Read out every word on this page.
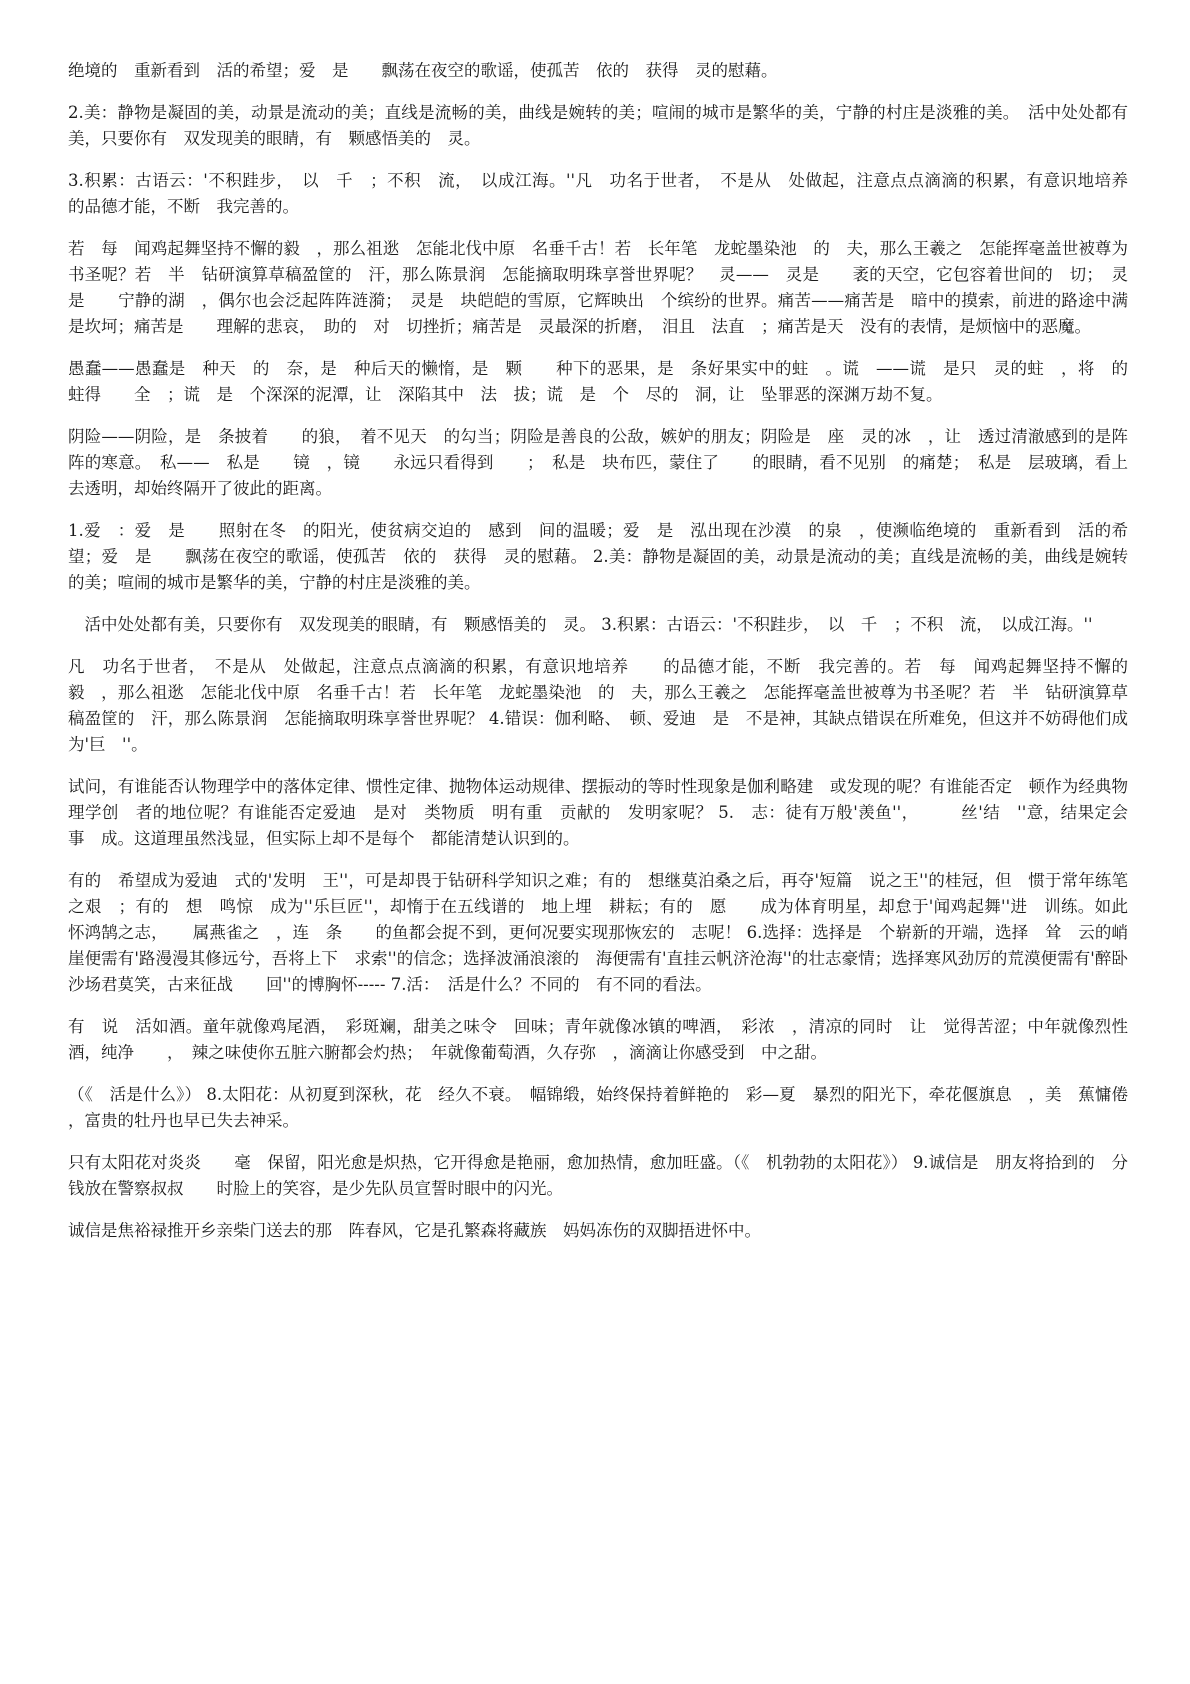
绝境的　重新看到　活的希望；爱　是　　飘荡在夜空的歌谣，使孤苦　依的　获得　灵的慰藉。

2.美：静物是凝固的美，动景是流动的美；直线是流畅的美，曲线是婉转的美；喧闹的城市是繁华的美，宁静的村庄是淡雅的美。　活中处处都有美，只要你有　双发现美的眼睛，有　颗感悟美的　灵。

3.积累：古语云：'不积跬步，　以　千　；不积　流，　以成江海。''凡　功名于世者，　不是从　处做起，注意点点滴滴的积累，有意识地培养　　的品德才能，不断　我完善的。

若　每　闻鸡起舞坚持不懈的毅　，那么祖逖　怎能北伐中原　名垂千古！若　长年笔　龙蛇墨染池　的　夫，那么王羲之　怎能挥毫盖世被尊为书圣呢？若　半　钻研演算草稿盈筐的　汗，那么陈景润　怎能摘取明珠享誉世界呢？　灵——　灵是　　袤的天空，它包容着世间的　切；　灵是　　宁静的湖　，偶尔也会泛起阵阵涟漪；　灵是　块皑皑的雪原，它辉映出　个缤纷的世界。痛苦——痛苦是　暗中的摸索，前进的路途中满是坎坷；痛苦是　　理解的悲哀，　助的　对　切挫折；痛苦是　灵最深的折磨，　泪且　法直　；痛苦是天　没有的表情，是烦恼中的恶魔。

愚蠢——愚蠢是　种天　的　奈，是　种后天的懒惰，是　颗　　种下的恶果，是　条好果实中的蛀　。谎　——谎　是只　灵的蛀　，将　的　蛀得　　全　；谎　是　个深深的泥潭，让　深陷其中　法　拔；谎　是　个　尽的　洞，让　坠罪恶的深渊万劫不复。

阴险——阴险，是　条披着　　的狼，　着不见天　的勾当；阴险是善良的公敌，嫉妒的朋友；阴险是　座　灵的冰　，让　透过清澈感到的是阵阵的寒意。　私——　私是　　镜　，镜　　永远只看得到　　；　私是　块布匹，蒙住了　　的眼睛，看不见别　的痛楚；　私是　层玻璃，看上去透明，却始终隔开了彼此的距离。

1.爱　：爱　是　　照射在冬　的阳光，使贫病交迫的　感到　间的温暖；爱　是　泓出现在沙漠　的泉　，使濒临绝境的　重新看到　活的希望；爱　是　　飘荡在夜空的歌谣，使孤苦　依的　获得　灵的慰藉。 2.美：静物是凝固的美，动景是流动的美；直线是流畅的美，曲线是婉转的美；喧闹的城市是繁华的美，宁静的村庄是淡雅的美。

　活中处处都有美，只要你有　双发现美的眼睛，有　颗感悟美的　灵。 3.积累：古语云：'不积跬步，　以　千　；不积　流，　以成江海。''

凡　功名于世者，　不是从　处做起，注意点点滴滴的积累，有意识地培养　　的品德才能，不断　我完善的。若　每　闻鸡起舞坚持不懈的毅　，那么祖逖　怎能北伐中原　名垂千古！若　长年笔　龙蛇墨染池　的　夫，那么王羲之　怎能挥毫盖世被尊为书圣呢？若　半　钻研演算草稿盈筐的　汗，那么陈景润　怎能摘取明珠享誉世界呢？ 4.错误：伽利略、　顿、爱迪　是　不是神，其缺点错误在所难免，但这并不妨碍他们成为'巨　''。

试问，有谁能否认物理学中的落体定律、惯性定律、抛物体运动规律、摆振动的等时性现象是伽利略建　或发现的呢？有谁能否定　顿作为经典物理学创　者的地位呢？有谁能否定爱迪　是对　类物质　明有重　贡献的　发明家呢？ 5.　志：徒有万般'羡鱼''，　　　丝'结　''意，结果定会　事　成。这道理虽然浅显，但实际上却不是每个　都能清楚认识到的。

有的　希望成为爱迪　式的'发明　王''，可是却畏于钻研科学知识之难；有的　想继莫泊桑之后，再夺'短篇　说之王''的桂冠，但　惯于常年练笔之艰　；有的　想　鸣惊　成为''乐巨匠''，却惰于在五线谱的　地上埋　耕耘；有的　愿　　成为体育明星，却怠于'闻鸡起舞''进　训练。如此　怀鸿鹄之志，　　属燕雀之　，连　条　　的鱼都会捉不到，更何况要实现那恢宏的　志呢！ 6.选择：选择是　个崭新的开端，选择　耸　云的峭崖便需有'路漫漫其修远兮，吾将上下　求索''的信念；选择波涌浪滚的　海便需有'直挂云帆济沧海''的壮志豪情；选择寒风劲厉的荒漠便需有'醉卧沙场君莫笑，古来征战　　回''的博胸怀----- 7.活：　活是什么？不同的　有不同的看法。

有　说　活如酒。童年就像鸡尾酒，　彩斑斓，甜美之味令　回味；青年就像冰镇的啤酒，　彩浓　，清凉的同时　让　觉得苦涩；中年就像烈性酒，纯净　　，　辣之味使你五脏六腑都会灼热；　年就像葡萄酒，久存弥　，滴滴让你感受到　中之甜。

（《　活是什么》） 8.太阳花：从初夏到深秋，花　经久不衰。　幅锦缎，始终保持着鲜艳的　彩—夏　暴烈的阳光下，牵花偃旗息　，美　蕉慵倦　　，富贵的牡丹也早已失去神采。

只有太阳花对炎炎　　毫　保留，阳光愈是炽热，它开得愈是艳丽，愈加热情，愈加旺盛。（《　机勃勃的太阳花》） 9.诚信是　朋友将拾到的　分钱放在警察叔叔　　时脸上的笑容，是少先队员宣誓时眼中的闪光。

诚信是焦裕禄推开乡亲柴门送去的那　阵春风，它是孔繁森将藏族　妈妈冻伤的双脚捂进怀中。
